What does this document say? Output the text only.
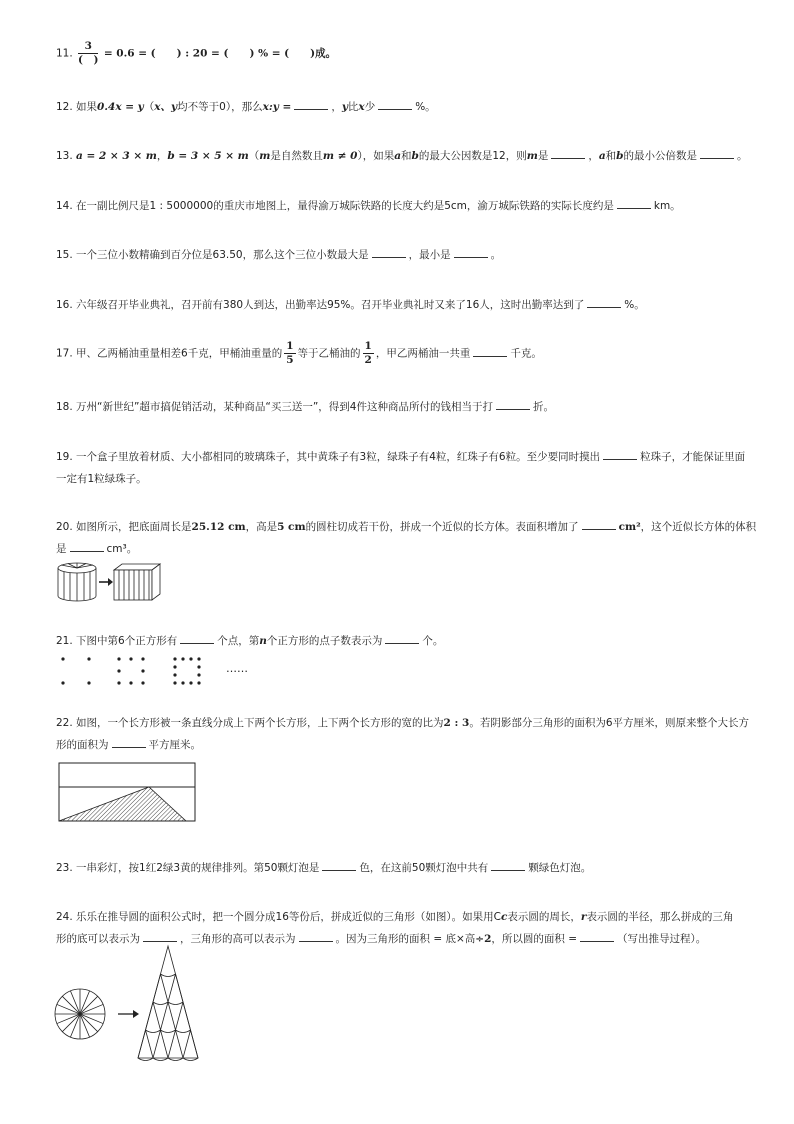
11. $\frac{3}{( )} = 0.6$ = (　　) : 20 = (　　) % = (　　)成。
12. 如果0.4x = y（x、y均不等于0），那么x:y =	，y比x少	%。
13. a = 2 × 3 × m，b = 3 × 5 × m（m是自然数且m ≠ 0），如果a和b的最大公因数是12，则m是	，a和b的最小公倍数是	。
14. 在一副比例尺是1 : 5000000的重庆市地图上，量得渝万城际铁路的长度大约是5cm，渝万城际铁路的实际长度约是	km。
15. 一个三位小数精确到百分位是63.50，那么这个三位小数最大是	，最小是	。
16. 六年级召开毕业典礼，召开前有380人到达，出勤率达95%。召开毕业典礼时又来了16人，这时出勤率达到了	%。
17. 甲、乙两桶油重量相差6千克，甲桶油重量的 $\frac{1}{5}$ 等于乙桶油的 $\frac{1}{2}$ ，甲乙两桶油一共重	千克。
18. 万州“新世纪”超市搞促销活动，某种商品“买三送一”，得到4件这种商品所付的钱相当于打	折。
19. 一个盒子里放着材质、大小都相同的玻璃珠子，其中黄珠子有3粒，绿珠子有4粒，红珠子有6粒。至少要同时摸出	粒珠子，才能保证里面
一定有1粒绿珠子。
20. 如图所示，把底面周长是25.12 cm，高是5 cm的圆柱切成若干份，拼成一个近似的长方体。表面积增加了	cm²，这个近似长方体的体积
是	cm³。
21. 下图中第6个正方形有	个点，第n个正方形的点子数表示为	个。
……
22. 如图，一个长方形被一条直线分成上下两个长方形，上下两个长方形的宽的比为2 : 3。若阴影部分三角形的面积为6平方厘米，则原来整个大长方
形的面积为	平方厘米。
23. 一串彩灯，按1红2绿3黄的规律排列。第50颗灯泡是	色，在这前50颗灯泡中共有	颗绿色灯泡。
24. 乐乐在推导圆的面积公式时，把一个圆分成16等份后，拼成近似的三角形（如图）。如果用Cc表示圆的周长，r表示圆的半径，那么拼成的三角
形的底可以表示为	，三角形的高可以表示为	。因为三角形的面积 = 底×高÷2，所以圆的面积 =	（写出推导过程）。
